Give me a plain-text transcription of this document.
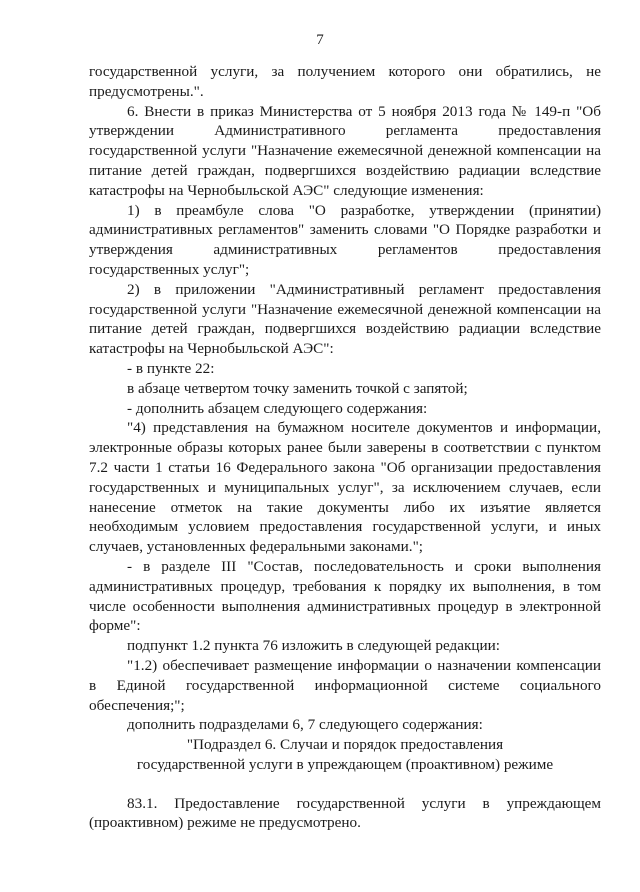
7

государственной услуги, за получением которого они обратились, не предусмотрены.".

6. Внести в приказ Министерства от 5 ноября 2013 года № 149-п "Об утверждении Административного регламента предоставления государственной услуги "Назначение ежемесячной денежной компенсации на питание детей граждан, подвергшихся воздействию радиации вследствие катастрофы на Чернобыльской АЭС" следующие изменения:

1) в преамбуле слова "О разработке, утверждении (принятии) административных регламентов" заменить словами "О Порядке разработки и утверждения административных регламентов предоставления государственных услуг";

2) в приложении "Административный регламент предоставления государственной услуги "Назначение ежемесячной денежной компенсации на питание детей граждан, подвергшихся воздействию радиации вследствие катастрофы на Чернобыльской АЭС":

- в пункте 22:

в абзаце четвертом точку заменить точкой с запятой;

- дополнить абзацем следующего содержания:

"4) представления на бумажном носителе документов и информации, электронные образы которых ранее были заверены в соответствии с пунктом 7.2 части 1 статьи 16 Федерального закона "Об организации предоставления государственных и муниципальных услуг", за исключением случаев, если нанесение отметок на такие документы либо их изъятие является необходимым условием предоставления государственной услуги, и иных случаев, установленных федеральными законами.";

- в разделе III "Состав, последовательность и сроки выполнения административных процедур, требования к порядку их выполнения, в том числе особенности выполнения административных процедур в электронной форме":

подпункт 1.2 пункта 76 изложить в следующей редакции:

"1.2) обеспечивает размещение информации о назначении компенсации в Единой государственной информационной системе социального обеспечения;";

дополнить подразделами 6, 7 следующего содержания:

"Подраздел 6. Случаи и порядок предоставления

государственной услуги в упреждающем (проактивном) режиме

83.1. Предоставление государственной услуги в упреждающем (проактивном) режиме не предусмотрено.
